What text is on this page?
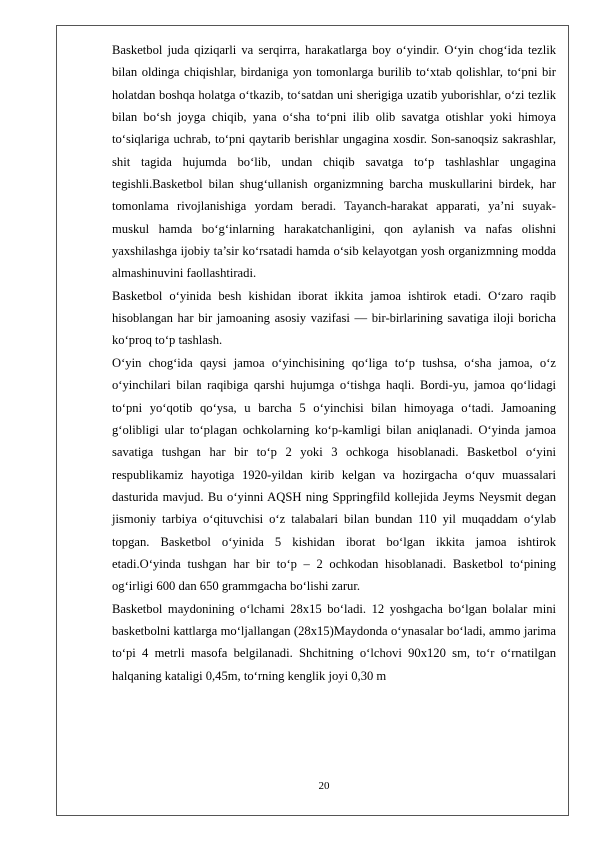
Basketbol juda qiziqarli va serqirra, harakatlarga boy o‘yindir. O‘yin chog‘ida tezlik bilan oldinga chiqishlar, birdaniga yon tomonlarga burilib to‘xtab qolishlar, to‘pni bir holatdan boshqa holatga o‘tkazib, to‘satdan uni sherigiga uzatib yuborishlar, o‘zi tezlik bilan bo‘sh joyga chiqib, yana o‘sha to‘pni ilib olib savatga otishlar yoki himoya to‘siqlariga uchrab, to‘pni qaytarib berishlar ungagina xosdir. Son-sanoqsiz sakrashlar, shit tagida hujumda bo‘lib, undan chiqib savatga to‘p tashlashlar ungagina tegishli.Basketbol bilan shug‘ullanish organizmning barcha muskullarini birdek, har tomonlama rivojlanishiga yordam beradi. Tayanch-harakat apparati, ya’ni suyak-muskul hamda bo‘g‘inlarning harakatchanligini, qon aylanish va nafas olishni yaxshilashga ijobiy ta’sir ko‘rsatadi hamda o‘sib kelayotgan yosh organizmning modda almashinuvini faollashtiradi.

Basketbol o‘yinida besh kishidan iborat ikkita jamoa ishtirok etadi. O‘zaro raqib hisoblangan har bir jamoaning asosiy vazifasi — bir-birlarining savatiga iloji boricha ko‘proq to‘p tashlash.

O‘yin chog‘ida qaysi jamoa o‘yinchisining qo‘liga to‘p tushsa, o‘sha jamoa, o‘z o‘yinchilari bilan raqibiga qarshi hujumga o‘tishga haqli. Bordi-yu, jamoa qo‘lidagi to‘pni yo‘qotib qo‘ysa, u barcha 5 o‘yinchisi bilan himoyaga o‘tadi. Jamoaning g‘olibligi ular to‘plagan ochkolarning ko‘p-kamligi bilan aniqlanadi. O‘yinda jamoa savatiga tushgan har bir to‘p 2 yoki 3 ochkoga hisoblanadi. Basketbol o‘yini respublikamiz hayotiga 1920-yildan kirib kelgan va hozirgacha o‘quv muassalari dasturida mavjud. Bu o‘yinni AQSH ning Sppringfild kollejida Jeyms Neysmit degan jismoniy tarbiya o‘qituvchisi o‘z talabalari bilan bundan 110 yil muqaddam o‘ylab topgan. Basketbol o‘yinida 5 kishidan iborat bo‘lgan ikkita jamoa ishtirok etadi.O‘yinda tushgan har bir to‘p – 2 ochkodan hisoblanadi. Basketbol to‘pining og‘irligi 600 dan 650 grammgacha bo‘lishi zarur.

Basketbol maydonining o‘lchami 28x15 bo‘ladi. 12 yoshgacha bo‘lgan bolalar mini basketbolni kattlarga mo‘ljallangan (28x15)Maydonda o‘ynasalar bo‘ladi, ammo jarima to‘pi 4 metrli masofa belgilanadi. Shchitning o‘lchovi 90x120 sm, to‘r o‘rnatilgan halqaning kataligi 0,45m, to‘rning kenglik joyi 0,30 m

20
